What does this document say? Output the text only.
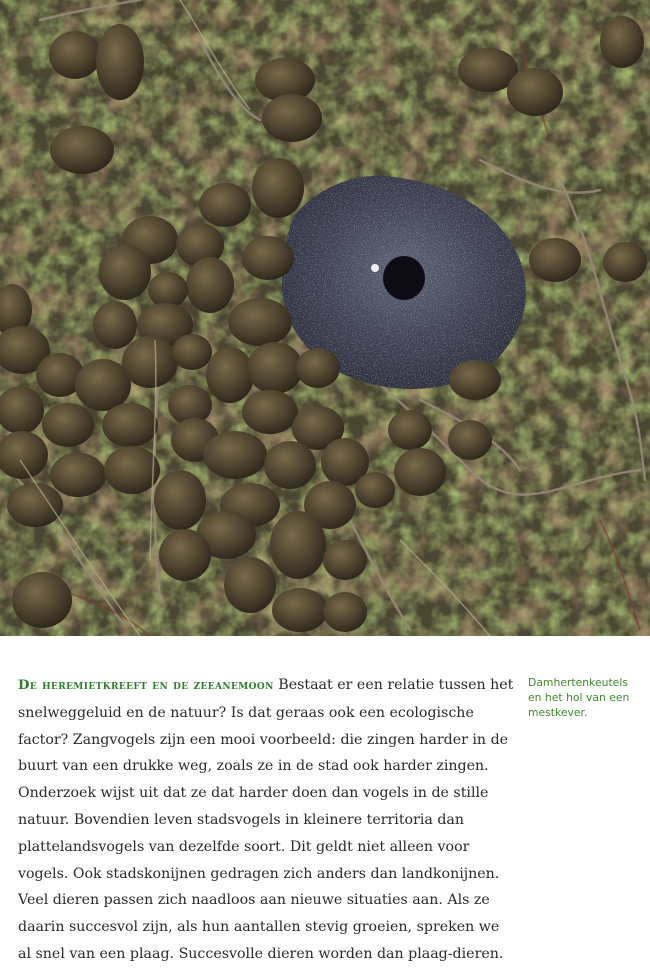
De heremietkreeft en de zeeanemoon Bestaat er een relatie tussen het snelweggeluid en de natuur? Is dat geraas ook een ecologische factor? Zangvogels zijn een mooi voorbeeld: die zingen harder in de buurt van een drukke weg, zoals ze in de stad ook harder zingen. Onderzoek wijst uit dat ze dat harder doen dan vogels in de stille natuur. Bovendien leven stadsvogels in kleinere territoria dan plattelandsvogels van dezelfde soort. Dit geldt niet alleen voor vogels. Ook stadskonijnen gedragen zich anders dan landkonijnen. Veel dieren passen zich naadloos aan nieuwe situaties aan. Als ze daarin succesvol zijn, als hun aantallen stevig groeien, spreken we al snel van een plaag. Succesvolle dieren worden dan plaag-dieren.
Damhertenkeutels en het hol van een mestkever.
